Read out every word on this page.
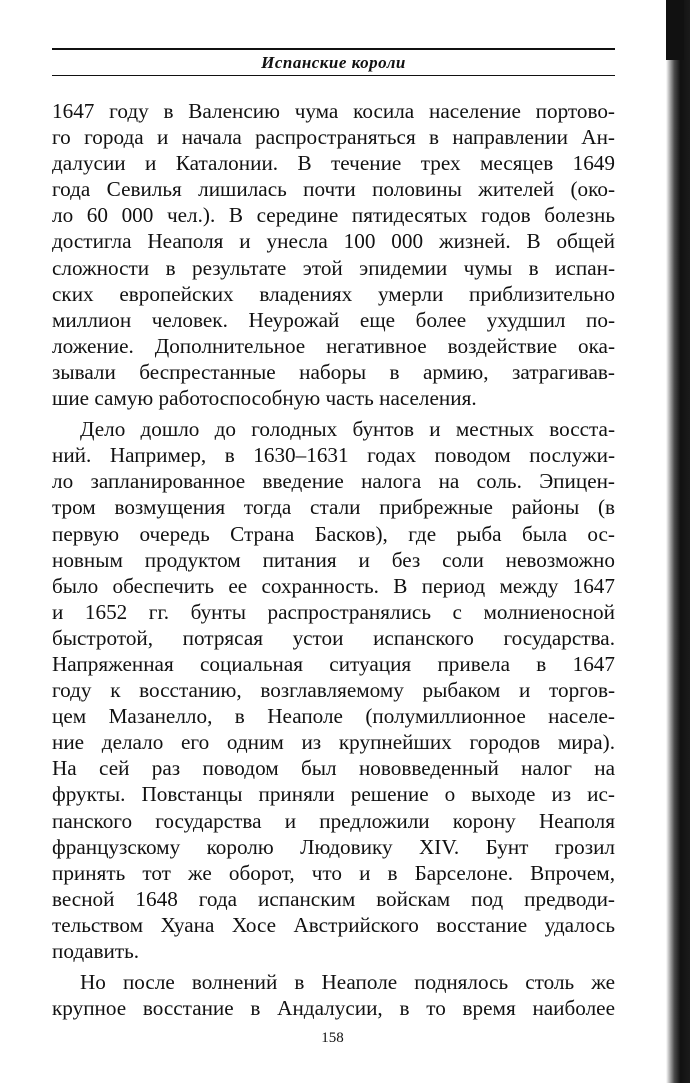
Испанские короли
1647 году в Валенсию чума косила население портово-
го города и начала распространяться в направлении Ан-
далусии и Каталонии. В течение трех месяцев 1649
года Севилья лишилась почти половины жителей (око-
ло 60 000 чел.). В середине пятидесятых годов болезнь
достигла Неаполя и унесла 100 000 жизней. В общей
сложности в результате этой эпидемии чумы в испан-
ских европейских владениях умерли приблизительно
миллион человек. Неурожай еще более ухудшил по-
ложение. Дополнительное негативное воздействие ока-
зывали беспрестанные наборы в армию, затрагивав-
шие самую работоспособную часть населения.
Дело дошло до голодных бунтов и местных восста-
ний. Например, в 1630–1631 годах поводом послужи-
ло запланированное введение налога на соль. Эпицен-
тром возмущения тогда стали прибрежные районы (в
первую очередь Страна Басков), где рыба была ос-
новным продуктом питания и без соли невозможно
было обеспечить ее сохранность. В период между 1647
и 1652 гг. бунты распространялись с молниеносной
быстротой, потрясая устои испанского государства.
Напряженная социальная ситуация привела в 1647
году к восстанию, возглавляемому рыбаком и торгов-
цем Мазанелло, в Неаполе (полумиллионное населе-
ние делало его одним из крупнейших городов мира).
На сей раз поводом был нововведенный налог на
фрукты. Повстанцы приняли решение о выходе из ис-
панского государства и предложили корону Неаполя
французскому королю Людовику XIV. Бунт грозил
принять тот же оборот, что и в Барселоне. Впрочем,
весной 1648 года испанским войскам под предводи-
тельством Хуана Хосе Австрийского восстание удалось
подавить.
Но после волнений в Неаполе поднялось столь же
крупное восстание в Андалусии, в то время наиболее
158
